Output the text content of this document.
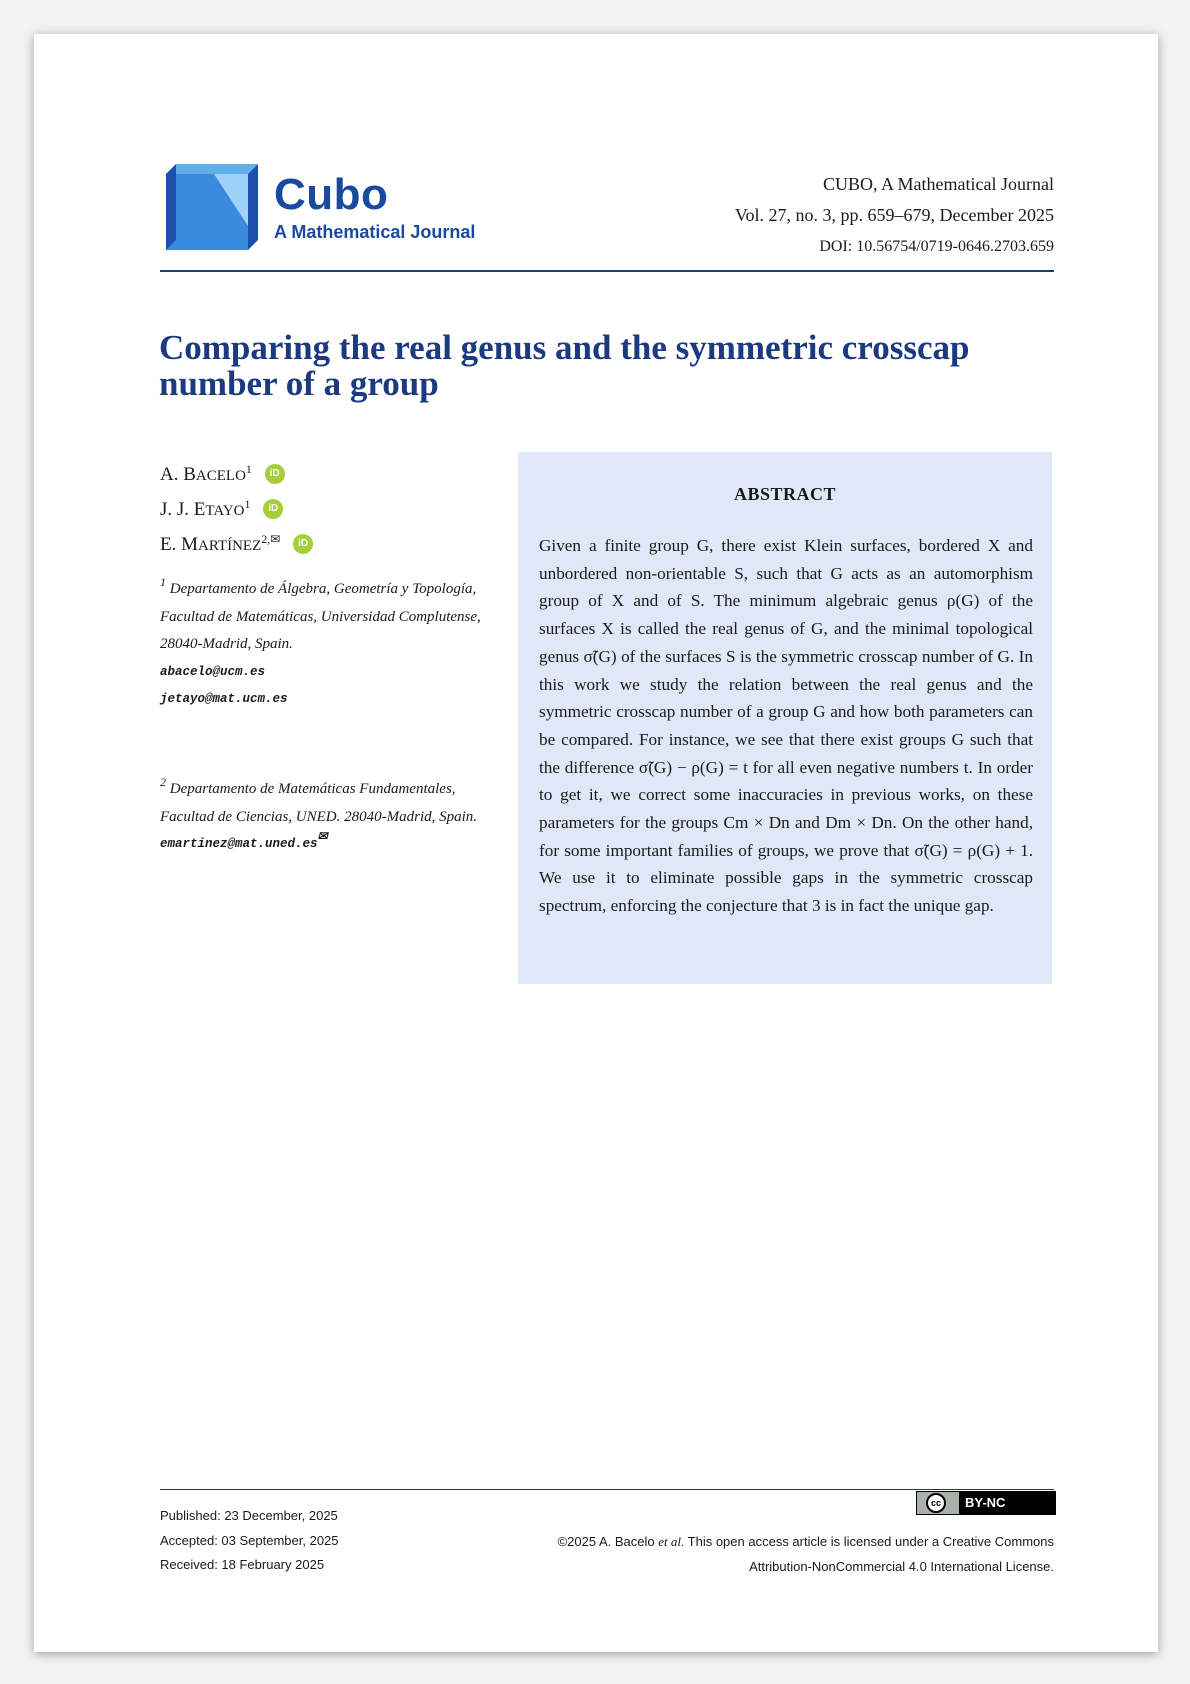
Cubo
A Mathematical Journal
CUBO, A Mathematical Journal
Vol. 27, no. 3, pp. 659–679, December 2025
DOI: 10.56754/0719-0646.2703.659
Comparing the real genus and the symmetric crosscap number of a group
A. BACELO$^1$ iD
J. J. ETAYO$^1$ iD
E. $MARTÍNEZ^{2,✉}$ iD
$^1$ Departamento de Álgebra, Geometría y Topología, Facultad de Matemáticas, Universidad Complutense, 28040-Madrid, Spain.
abacelo@ucm.es
jetayo@mat.ucm.es
$^2$ Departamento de Matemáticas Fundamentales, Facultad de Ciencias, UNED. 28040-Madrid, Spain.
emartinez@mat.uned.es✉
ABSTRACT
Given a finite group G, there exist Klein surfaces, bordered X and unbordered non-orientable S, such that G acts as an automorphism group of X and of S. The minimum algebraic genus ρ(G) of the surfaces X is called the real genus of G, and the minimal topological genus σ̃(G) of the surfaces S is the symmetric crosscap number of G. In this work we study the relation between the real genus and the symmetric crosscap number of a group G and how both parameters can be compared. For instance, we see that there exist groups G such that the difference σ̃(G) − ρ(G) = t for all even negative numbers t. In order to get it, we correct some inaccuracies in previous works, on these parameters for the groups Cm × Dn and Dm × Dn. On the other hand, for some important families of groups, we prove that σ̃(G) = ρ(G) + 1. We use it to eliminate possible gaps in the symmetric crosscap spectrum, enforcing the conjecture that 3 is in fact the unique gap.
Published: 23 December, 2025
Accepted: 03 September, 2025
Received: 18 February 2025
cc	BY-NC
©2025 A. Bacelo et al. This open access article is licensed under a Creative Commons
Attribution-NonCommercial 4.0 International License.
